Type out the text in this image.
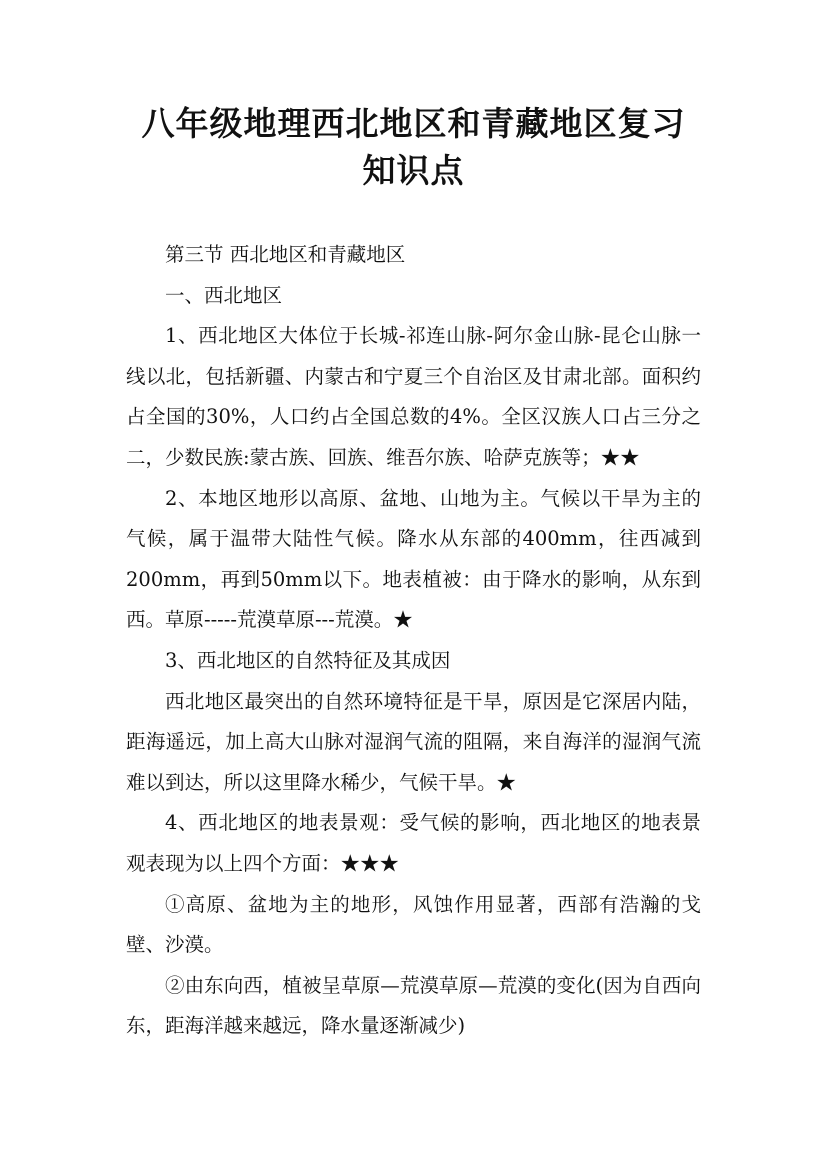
八年级地理西北地区和青藏地区复习知识点

第三节 西北地区和青藏地区

一、西北地区

1、西北地区大体位于长城-祁连山脉-阿尔金山脉-昆仑山脉一线以北，包括新疆、内蒙古和宁夏三个自治区及甘肃北部。面积约占全国的30%，人口约占全国总数的4%。全区汉族人口占三分之二，少数民族:蒙古族、回族、维吾尔族、哈萨克族等；★★

2、本地区地形以高原、盆地、山地为主。气候以干旱为主的气候，属于温带大陆性气候。降水从东部的400mm，往西减到200mm，再到50mm以下。地表植被：由于降水的影响，从东到西。草原-----荒漠草原---荒漠。★

3、西北地区的自然特征及其成因

西北地区最突出的自然环境特征是干旱，原因是它深居内陆，距海遥远，加上高大山脉对湿润气流的阻隔，来自海洋的湿润气流难以到达，所以这里降水稀少，气候干旱。★

4、西北地区的地表景观：受气候的影响，西北地区的地表景观表现为以上四个方面：★★★

①高原、盆地为主的地形，风蚀作用显著，西部有浩瀚的戈壁、沙漠。

②由东向西，植被呈草原—荒漠草原—荒漠的变化(因为自西向东，距海洋越来越远，降水量逐渐减少)
